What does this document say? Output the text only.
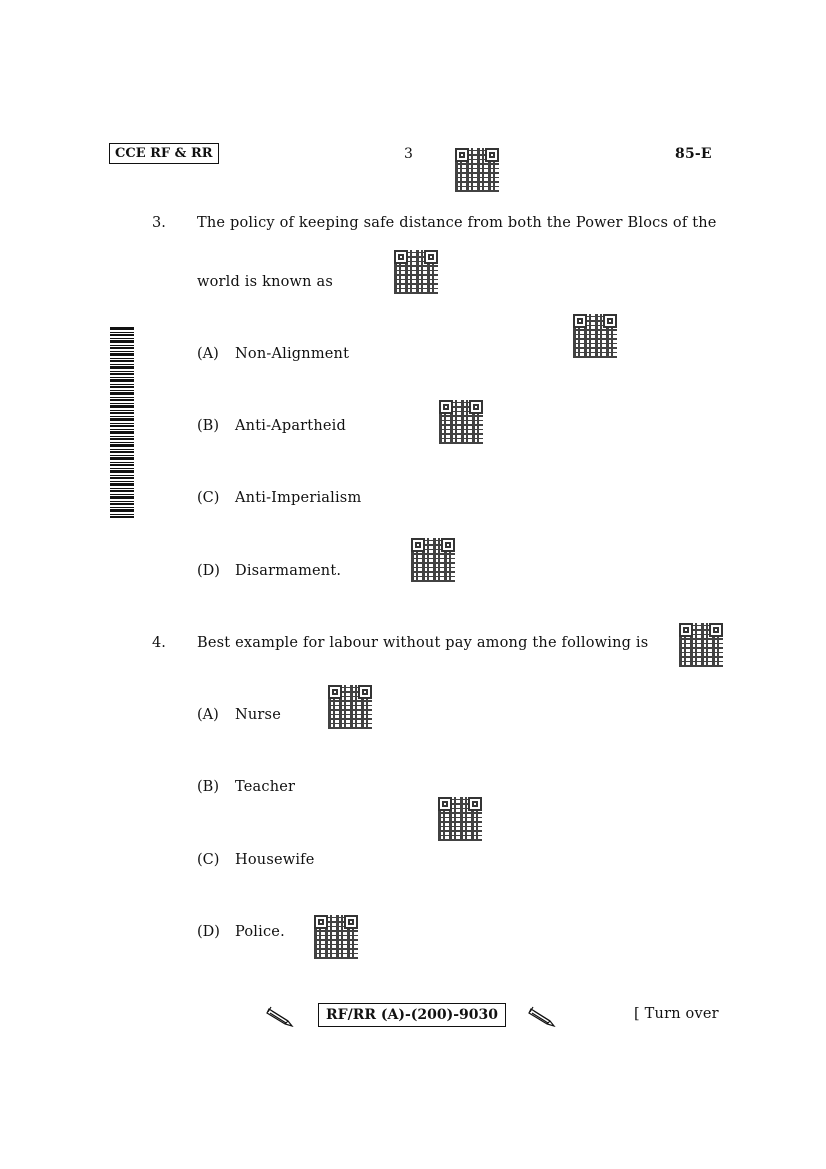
CCE RF & RR	3	85-E
3. The policy of keeping safe distance from both the Power Blocs of the
world is known as
(A) Non-Alignment
(B) Anti-Apartheid
(C) Anti-Imperialism
(D) Disarmament.
4. Best example for labour without pay among the following is
(A) Nurse
(B) Teacher
(C) Housewife
(D) Police.
RF/RR (A)-(200)-9030	[ Turn over
